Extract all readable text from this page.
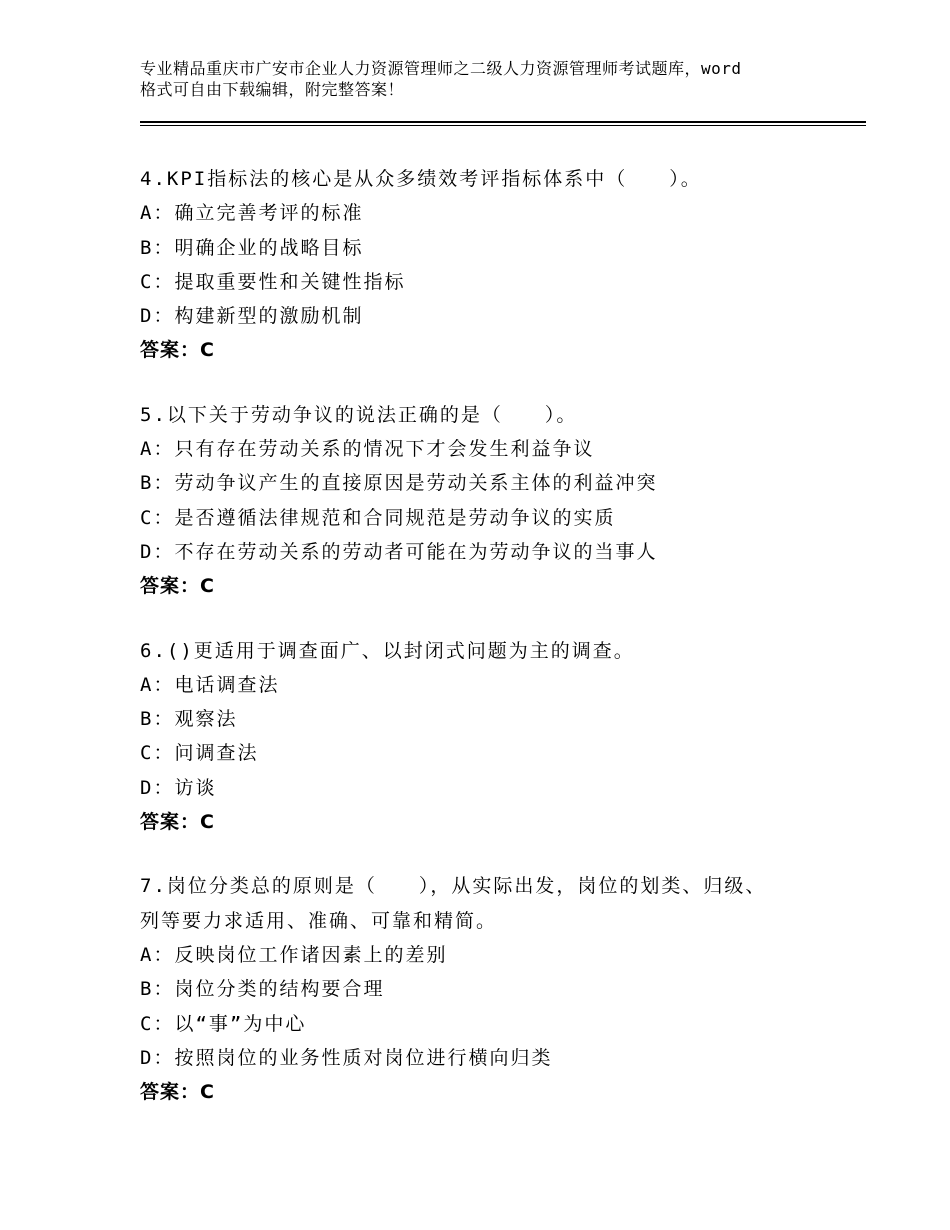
专业精品重庆市广安市企业人力资源管理师之二级人力资源管理师考试题库，word
格式可自由下载编辑，附完整答案！
4.KPI指标法的核心是从众多绩效考评指标体系中（　　）。
A：确立完善考评的标准
B：明确企业的战略目标
C：提取重要性和关键性指标
D：构建新型的激励机制
答案：C
5.以下关于劳动争议的说法正确的是（　　）。
A：只有存在劳动关系的情况下才会发生利益争议
B：劳动争议产生的直接原因是劳动关系主体的利益冲突
C：是否遵循法律规范和合同规范是劳动争议的实质
D：不存在劳动关系的劳动者可能在为劳动争议的当事人
答案：C
6.()更适用于调查面广、以封闭式问题为主的调查。
A：电话调查法
B：观察法
C：问调查法
D：访谈
答案：C
7.岗位分类总的原则是（　　），从实际出发，岗位的划类、归级、
列等要力求适用、准确、可靠和精简。
A：反映岗位工作诸因素上的差别
B：岗位分类的结构要合理
C：以“事”为中心
D：按照岗位的业务性质对岗位进行横向归类
答案：C
